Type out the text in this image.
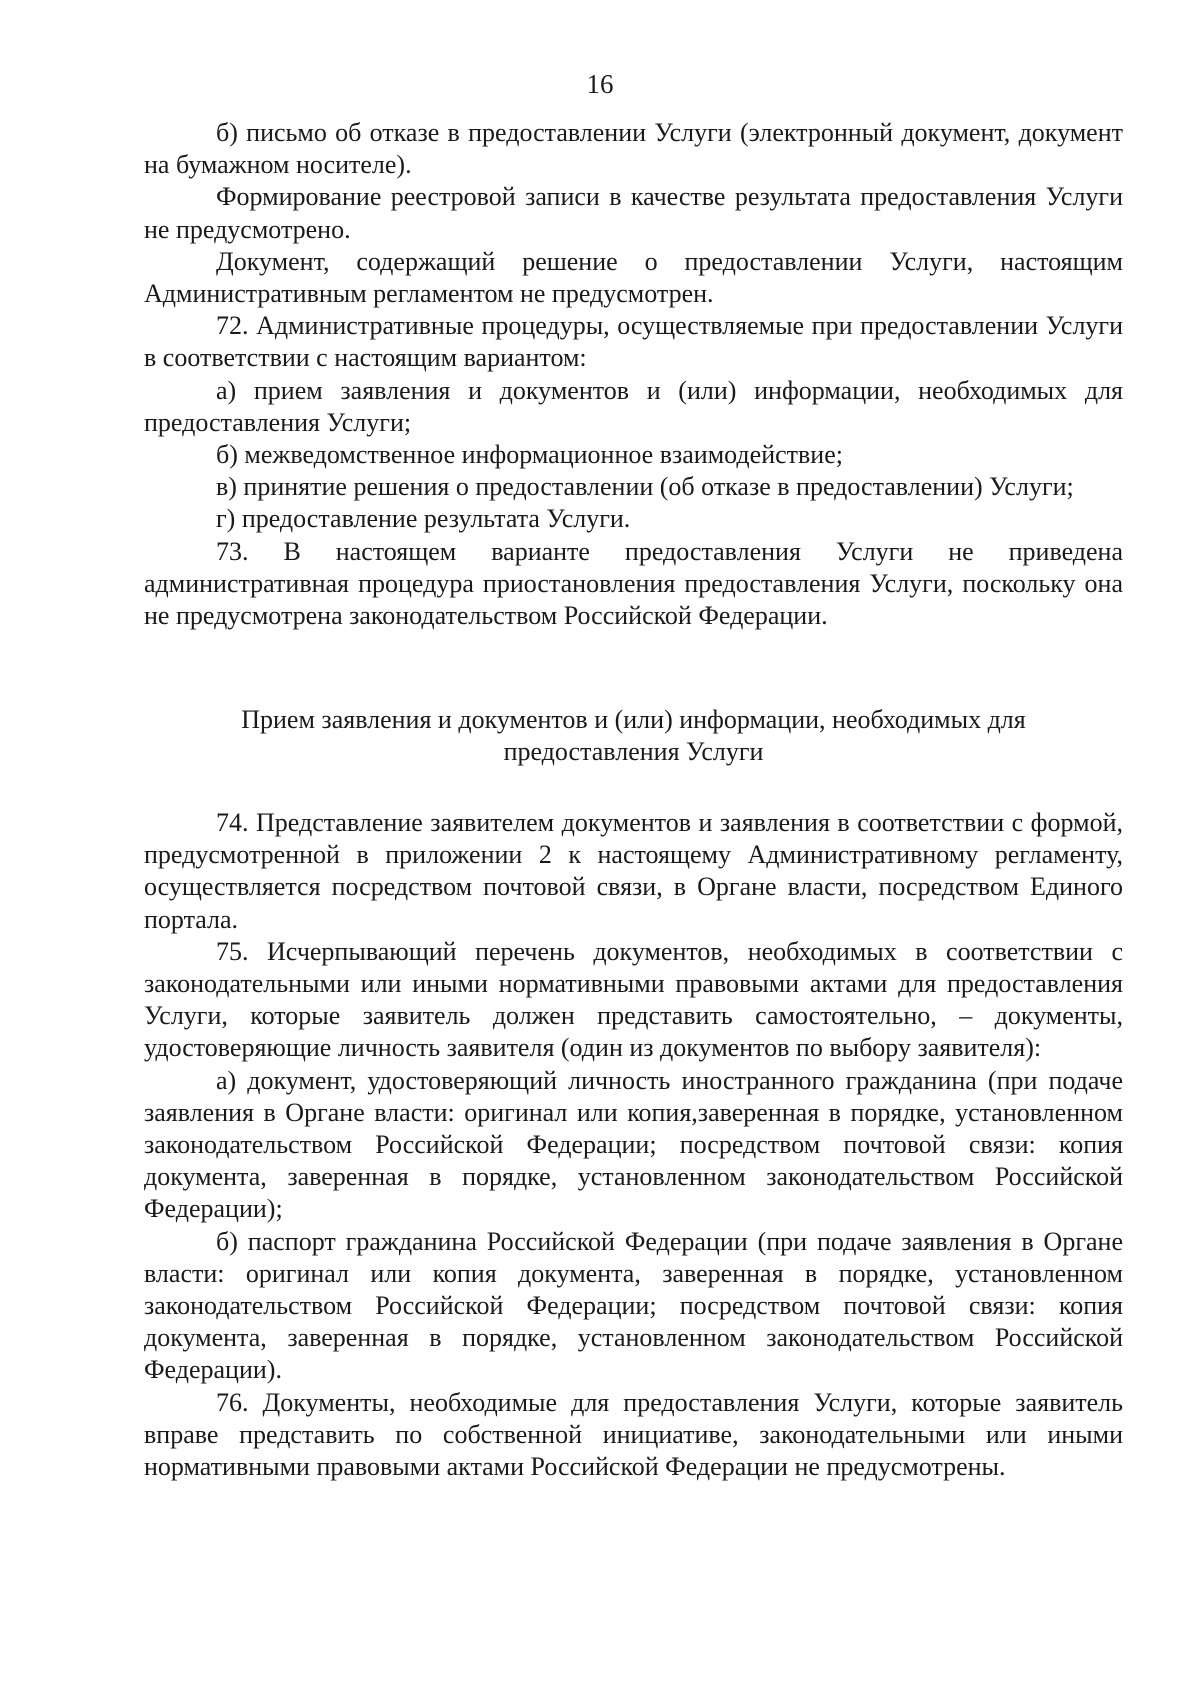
16

б) письмо об отказе в предоставлении Услуги (электронный документ, документ на бумажном носителе).

Формирование реестровой записи в качестве результата предоставления Услуги не предусмотрено.

Документ, содержащий решение о предоставлении Услуги, настоящим Административным регламентом не предусмотрен.

72. Административные процедуры, осуществляемые при предоставлении Услуги в соответствии с настоящим вариантом:

а) прием заявления и документов и (или) информации, необходимых для предоставления Услуги;

б) межведомственное информационное взаимодействие;

в) принятие решения о предоставлении (об отказе в предоставлении) Услуги;

г) предоставление результата Услуги.

73. В настоящем варианте предоставления Услуги не приведена административная процедура приостановления предоставления Услуги, поскольку она не предусмотрена законодательством Российской Федерации.

Прием заявления и документов и (или) информации, необходимых для
предоставления Услуги

74. Представление заявителем документов и заявления в соответствии с формой, предусмотренной в приложении 2 к настоящему Административному регламенту, осуществляется посредством почтовой связи, в Органе власти, посредством Единого портала.

75. Исчерпывающий перечень документов, необходимых в соответствии с законодательными или иными нормативными правовыми актами для предоставления Услуги, которые заявитель должен представить самостоятельно, – документы, удостоверяющие личность заявителя (один из документов по выбору заявителя):

а) документ, удостоверяющий личность иностранного гражданина (при подаче заявления в Органе власти: оригинал или копия,заверенная в порядке, установленном законодательством Российской Федерации; посредством почтовой связи: копия документа, заверенная в порядке, установленном законодательством Российской Федерации);

б) паспорт гражданина Российской Федерации (при подаче заявления в Органе власти: оригинал или копия документа, заверенная в порядке, установленном законодательством Российской Федерации; посредством почтовой связи: копия документа, заверенная в порядке, установленном законодательством Российской Федерации).

76. Документы, необходимые для предоставления Услуги, которые заявитель вправе представить по собственной инициативе, законодательными или иными нормативными правовыми актами Российской Федерации не предусмотрены.
